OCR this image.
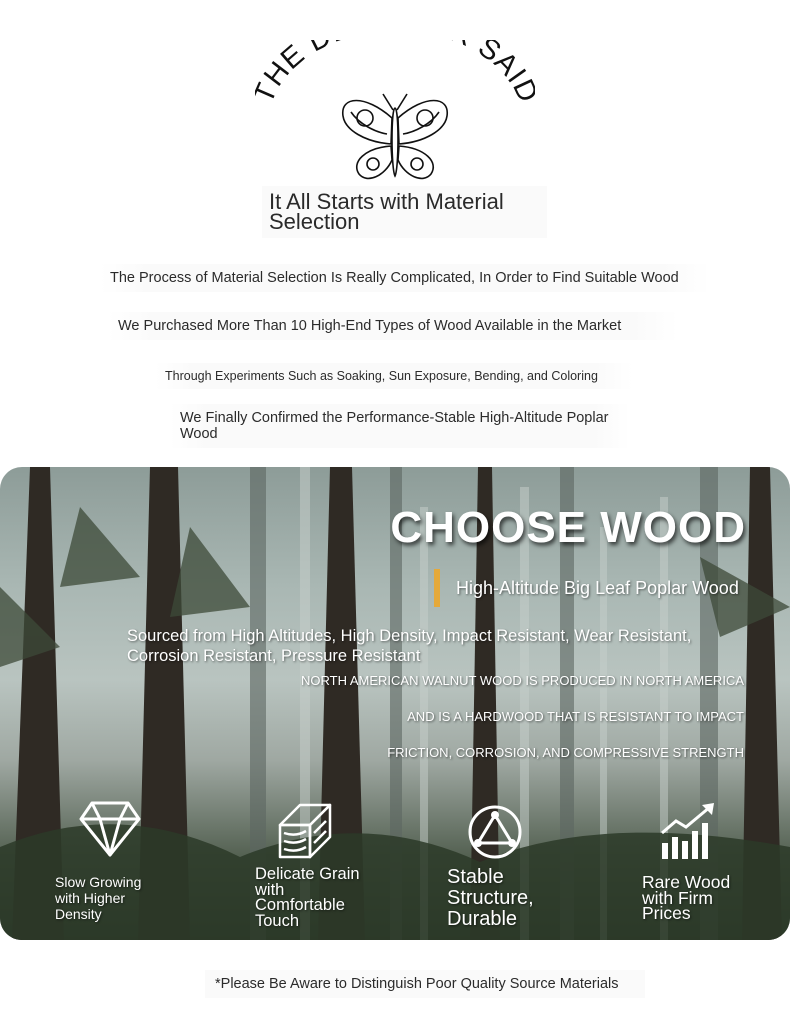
HE SAI
It All Starts with Material Selection
The Process of Material Selection Is Really Complicated, In Order to Find Suitable Wood
We Purchased More Than 10 High-End Types of Wood Available in the Market
Through Experiments Such as Soaking, Sun Exposure, Bending, and Coloring
We Finally Confirmed the Performance-Stable High-Altitude Poplar Wood
CHOOSE WOOD
High-Altitude Big Leaf Poplar Wood
Sourced from High Altitudes, High Density, Impact Resistant, Wear Resistant, Corrosion Resistant, Pressure Resistant
NORTH AMERICAN WALNUT WOOD IS PRODUCED IN NORTH AMERICA
AND IS A HARDWOOD THAT IS RESISTANT TO IMPACT
FRICTION, CORROSION, AND COMPRESSIVE STRENGTH
Slow Growing with Higher Density
Delicate Grain with Comfortable Touch
Stable Structure, Durable
Rare Wood with Firm Prices
*Please Be Aware to Distinguish Poor Quality Source Materials
